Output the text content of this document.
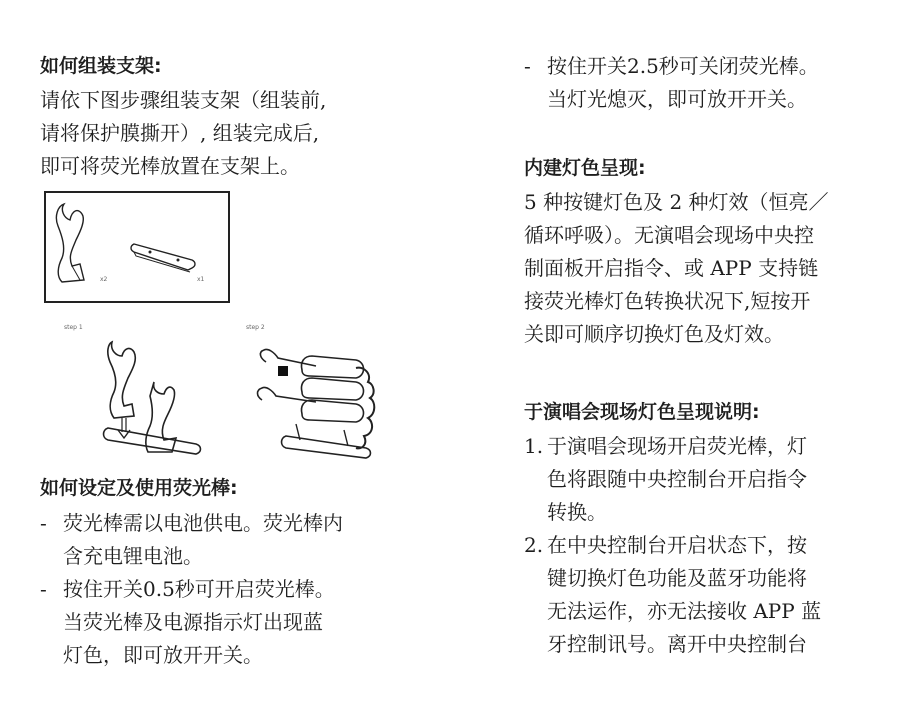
如何组装支架:
请依下图步骤组装支架（组装前,
请将保护膜撕开）, 组装完成后,
即可将荧光棒放置在支架上。
x2	x1
step 1	step 2
如何设定及使用荧光棒:
- 荧光棒需以电池供电。荧光棒内
含充电锂电池。
- 按住开关0.5秒可开启荧光棒。
当荧光棒及电源指示灯出现蓝
灯色，即可放开开关。
- 按住开关2.5秒可关闭荧光棒。
当灯光熄灭，即可放开开关。
内建灯色呈现:
5 种按键灯色及 2 种灯效（恒亮／
循环呼吸）。无演唱会现场中央控
制面板开启指令、或 APP 支持链
接荧光棒灯色转换状况下,短按开
关即可顺序切换灯色及灯效。
于演唱会现场灯色呈现说明:
1. 于演唱会现场开启荧光棒，灯
色将跟随中央控制台开启指令
转换。
2. 在中央控制台开启状态下，按
键切换灯色功能及蓝牙功能将
无法运作，亦无法接收 APP 蓝
牙控制讯号。离开中央控制台
